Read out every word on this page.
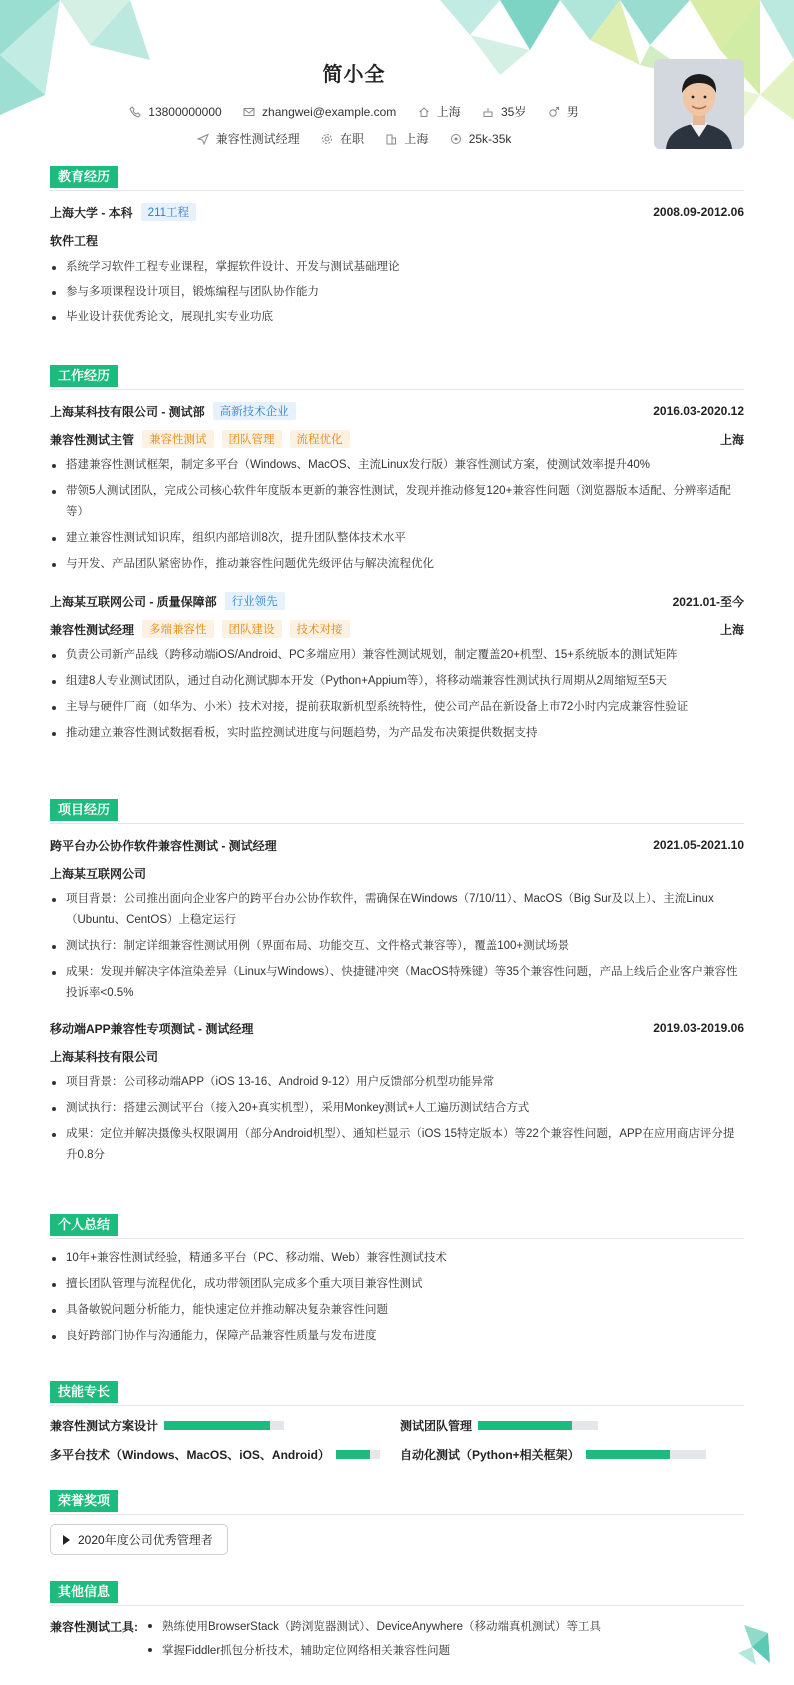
简小全
13800000000
	zhangwei@example.com
	上海
	35岁
	男
兼容性测试经理
	在职
	上海
	25k-35k
教育经历
上海大学 - 本科	211工程	2008.09-2012.06
软件工程
系统学习软件工程专业课程，掌握软件设计、开发与测试基础理论
参与多项课程设计项目，锻炼编程与团队协作能力
毕业设计获优秀论文，展现扎实专业功底
工作经历
上海某科技有限公司 - 测试部	高新技术企业	2016.03-2020.12
兼容性测试主管	兼容性测试	团队管理	流程优化	上海
搭建兼容性测试框架，制定多平台（Windows、MacOS、主流Linux发行版）兼容性测试方案，使测试效率提升40%
带领5人测试团队，完成公司核心软件年度版本更新的兼容性测试，发现并推动修复120+兼容性问题（浏览器版本适配、分辨率适配等）
建立兼容性测试知识库，组织内部培训8次，提升团队整体技术水平
与开发、产品团队紧密协作，推动兼容性问题优先级评估与解决流程优化
上海某互联网公司 - 质量保障部	行业领先	2021.01-至今
兼容性测试经理	多端兼容性	团队建设	技术对接	上海
负责公司新产品线（跨移动端iOS/Android、PC多端应用）兼容性测试规划，制定覆盖20+机型、15+系统版本的测试矩阵
组建8人专业测试团队，通过自动化测试脚本开发（Python+Appium等），将移动端兼容性测试执行周期从2周缩短至5天
主导与硬件厂商（如华为、小米）技术对接，提前获取新机型系统特性，使公司产品在新设备上市72小时内完成兼容性验证
推动建立兼容性测试数据看板，实时监控测试进度与问题趋势，为产品发布决策提供数据支持
项目经历
跨平台办公协作软件兼容性测试 - 测试经理	2021.05-2021.10
上海某互联网公司
项目背景：公司推出面向企业客户的跨平台办公协作软件，需确保在Windows（7/10/11）、MacOS（Big Sur及以上）、主流Linux（Ubuntu、CentOS）上稳定运行
测试执行：制定详细兼容性测试用例（界面布局、功能交互、文件格式兼容等），覆盖100+测试场景
成果：发现并解决字体渲染差异（Linux与Windows）、快捷键冲突（MacOS特殊键）等35个兼容性问题，产品上线后企业客户兼容性投诉率<0.5%
移动端APP兼容性专项测试 - 测试经理	2019.03-2019.06
上海某科技有限公司
项目背景：公司移动端APP（iOS 13-16、Android 9-12）用户反馈部分机型功能异常
测试执行：搭建云测试平台（接入20+真实机型），采用Monkey测试+人工遍历测试结合方式
成果：定位并解决摄像头权限调用（部分Android机型）、通知栏显示（iOS 15特定版本）等22个兼容性问题，APP在应用商店评分提升0.8分
个人总结
10年+兼容性测试经验，精通多平台（PC、移动端、Web）兼容性测试技术
擅长团队管理与流程优化，成功带领团队完成多个重大项目兼容性测试
具备敏锐问题分析能力，能快速定位并推动解决复杂兼容性问题
良好跨部门协作与沟通能力，保障产品兼容性质量与发布进度
技能专长
兼容性测试方案设计	测试团队管理
多平台技术（Windows、MacOS、iOS、Android）	自动化测试（Python+相关框架）
荣誉奖项
2020年度公司优秀管理者
其他信息
兼容性测试工具:	熟练使用BrowserStack（跨浏览器测试）、DeviceAnywhere（移动端真机测试）等工具
掌握Fiddler抓包分析技术，辅助定位网络相关兼容性问题
